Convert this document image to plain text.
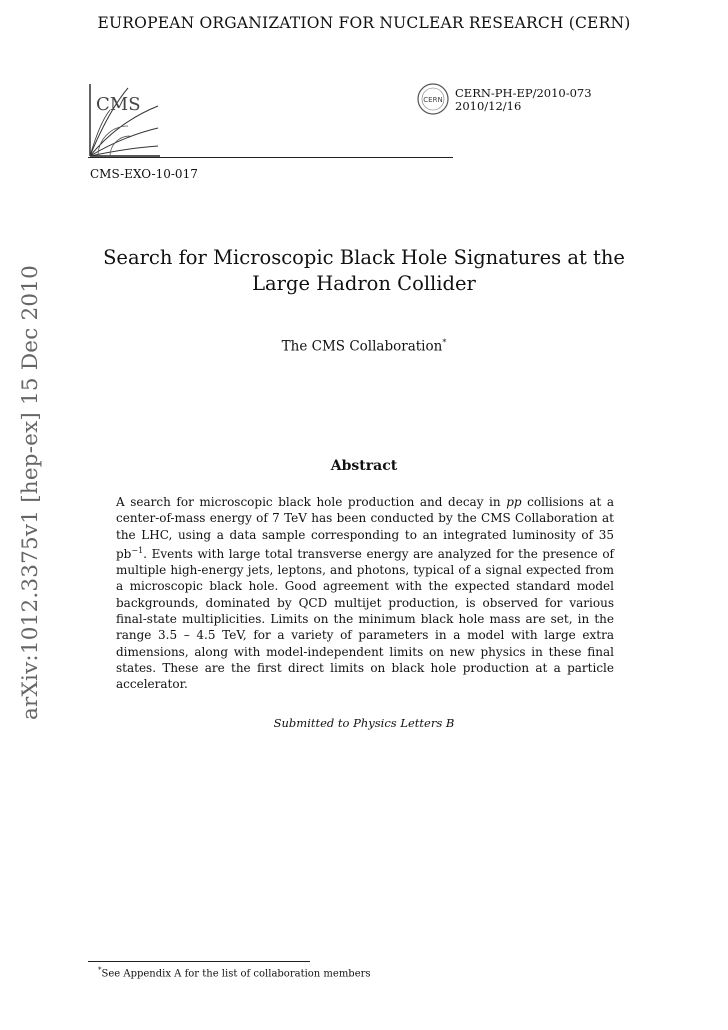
EUROPEAN ORGANIZATION FOR NUCLEAR RESEARCH (CERN)
CMS	CERN CERN-PH-EP/2010-073
2010/12/16
CMS-EXO-10-017
Search for Microscopic Black Hole Signatures at the Large Hadron Collider
The CMS Collaboration*
Abstract
A search for microscopic black hole production and decay in pp collisions at a center-of-mass energy of 7 TeV has been conducted by the CMS Collaboration at the LHC, using a data sample corresponding to an integrated luminosity of 35 $pb^{-1}$. Events with large total transverse energy are analyzed for the presence of multiple high-energy jets, leptons, and photons, typical of a signal expected from a microscopic black hole. Good agreement with the expected standard model backgrounds, dominated by QCD multijet production, is observed for various final-state multiplicities. Limits on the minimum black hole mass are set, in the range 3.5 – 4.5 TeV, for a variety of parameters in a model with large extra dimensions, along with model-independent limits on new physics in these final states. These are the first direct limits on black hole production at a particle accelerator.
Submitted to Physics Letters B
arXiv:1012.3375v1 [hep-ex] 15 Dec 2010
*See Appendix A for the list of collaboration members
